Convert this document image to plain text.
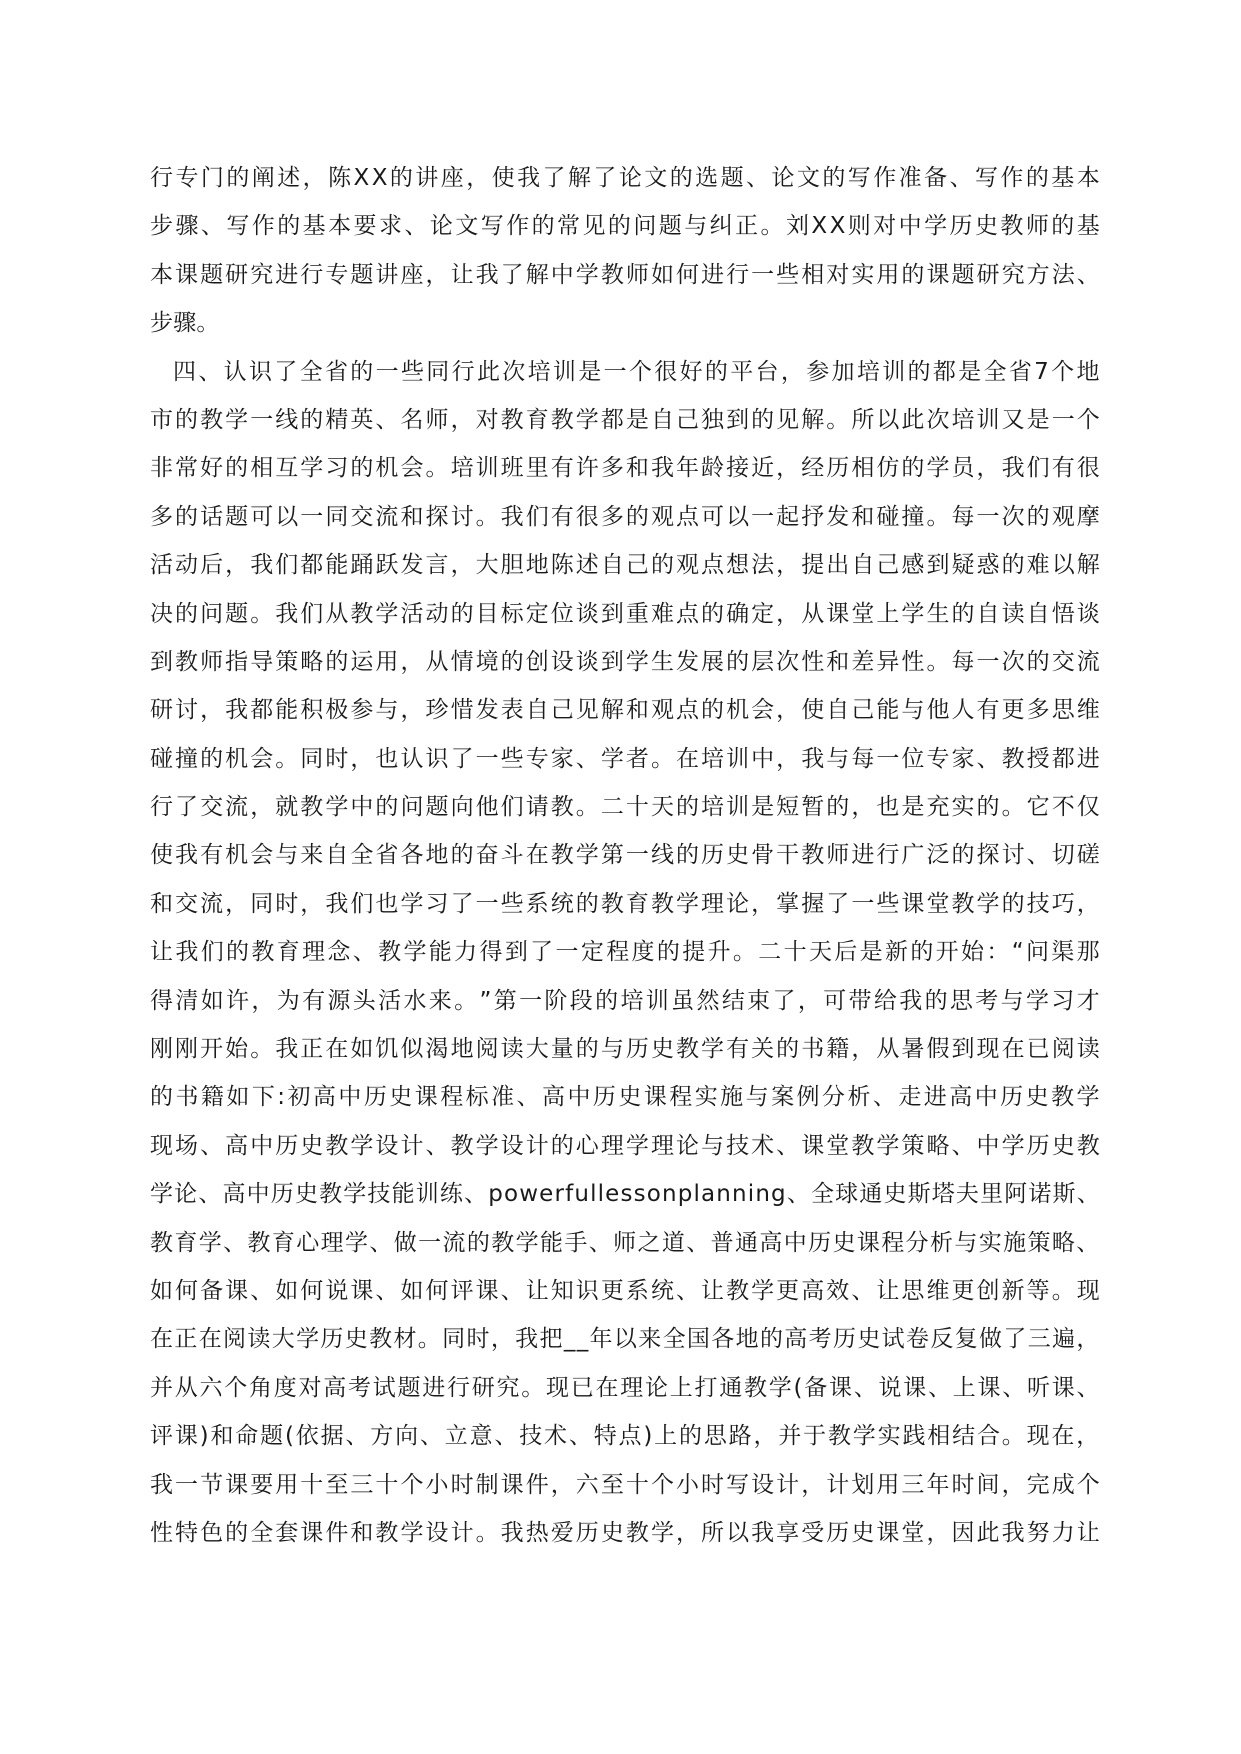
行 专 门 的 阐 述 ， 陈 X X 的 讲 座 ， 使 我 了 解 了 论 文 的 选 题 、 论 文 的 写 作 准 备 、 写 作 的 基 本
步 骤 、 写 作 的 基 本 要 求 、 论 文 写 作 的 常 见 的 问 题 与 纠 正 。 刘 X X 则 对 中 学 历 史 教 师 的 基
本 课 题 研 究 进 行 专 题 讲 座 ， 让 我 了 解 中 学 教 师 如 何 进 行 一 些 相 对 实 用 的 课 题 研 究 方 法 、
步骤。
四 、 认 识 了 全 省 的 一 些 同 行 此 次 培 训 是 一 个 很 好 的 平 台 ， 参 加 培 训 的 都 是 全 省 7 个 地
市 的 教 学 一 线 的 精 英 、 名 师 ， 对 教 育 教 学 都 是 自 己 独 到 的 见 解 。 所 以 此 次 培 训 又 是 一 个
非 常 好 的 相 互 学 习 的 机 会 。 培 训 班 里 有 许 多 和 我 年 龄 接 近 ， 经 历 相 仿 的 学 员 ， 我 们 有 很
多 的 话 题 可 以 一 同 交 流 和 探 讨 。 我 们 有 很 多 的 观 点 可 以 一 起 抒 发 和 碰 撞 。 每 一 次 的 观 摩
活 动 后 ， 我 们 都 能 踊 跃 发 言 ， 大 胆 地 陈 述 自 己 的 观 点 想 法 ， 提 出 自 己 感 到 疑 惑 的 难 以 解
决 的 问 题 。 我 们 从 教 学 活 动 的 目 标 定 位 谈 到 重 难 点 的 确 定 ， 从 课 堂 上 学 生 的 自 读 自 悟 谈
到 教 师 指 导 策 略 的 运 用 ， 从 情 境 的 创 设 谈 到 学 生 发 展 的 层 次 性 和 差 异 性 。 每 一 次 的 交 流
研 讨 ， 我 都 能 积 极 参 与 ， 珍 惜 发 表 自 己 见 解 和 观 点 的 机 会 ， 使 自 己 能 与 他 人 有 更 多 思 维
碰 撞 的 机 会 。 同 时 ， 也 认 识 了 一 些 专 家 、 学 者 。 在 培 训 中 ， 我 与 每 一 位 专 家 、 教 授 都 进
行 了 交 流 ， 就 教 学 中 的 问 题 向 他 们 请 教 。 二 十 天 的 培 训 是 短 暂 的 ， 也 是 充 实 的 。 它 不 仅
使 我 有 机 会 与 来 自 全 省 各 地 的 奋 斗 在 教 学 第 一 线 的 历 史 骨 干 教 师 进 行 广 泛 的 探 讨 、 切 磋
和 交 流 ， 同 时 ， 我 们 也 学 习 了 一 些 系 统 的 教 育 教 学 理 论 ， 掌 握 了 一 些 课 堂 教 学 的 技 巧 ，
让 我 们 的 教 育 理 念 、 教 学 能 力 得 到 了 一 定 程 度 的 提 升 。 二 十 天 后 是 新 的 开 始 ： “ 问 渠 那
得 清 如 许 ， 为 有 源 头 活 水 来 。 ” 第 一 阶 段 的 培 训 虽 然 结 束 了 ， 可 带 给 我 的 思 考 与 学 习 才
刚 刚 开 始 。 我 正 在 如 饥 似 渴 地 阅 读 大 量 的 与 历 史 教 学 有 关 的 书 籍 ， 从 暑 假 到 现 在 已 阅 读
的 书 籍 如 下 : 初 高 中 历 史 课 程 标 准 、 高 中 历 史 课 程 实 施 与 案 例 分 析 、 走 进 高 中 历 史 教 学
现 场 、 高 中 历 史 教 学 设 计 、 教 学 设 计 的 心 理 学 理 论 与 技 术 、 课 堂 教 学 策 略 、 中 学 历 史 教
学 论 、 高 中 历 史 教 学 技 能 训 练 、 p o w e r f u l l e s s o n p l a n n i n g 、 全 球 通 史 斯 塔 夫 里 阿 诺 斯 、
教 育 学 、 教 育 心 理 学 、 做 一 流 的 教 学 能 手 、 师 之 道 、 普 通 高 中 历 史 课 程 分 析 与 实 施 策 略 、
如 何 备 课 、 如 何 说 课 、 如 何 评 课 、 让 知 识 更 系 统 、 让 教 学 更 高 效 、 让 思 维 更 创 新 等 。 现
在 正 在 阅 读 大 学 历 史 教 材 。 同 时 ， 我 把 _ _ 年 以 来 全 国 各 地 的 高 考 历 史 试 卷 反 复 做 了 三 遍 ，
并 从 六 个 角 度 对 高 考 试 题 进 行 研 究 。 现 已 在 理 论 上 打 通 教 学 ( 备 课 、 说 课 、 上 课 、 听 课 、
评 课 ) 和 命 题 ( 依 据 、 方 向 、 立 意 、 技 术 、 特 点 ) 上 的 思 路 ， 并 于 教 学 实 践 相 结 合 。 现 在 ，
我 一 节 课 要 用 十 至 三 十 个 小 时 制 课 件 ， 六 至 十 个 小 时 写 设 计 ， 计 划 用 三 年 时 间 ， 完 成 个
性 特 色 的 全 套 课 件 和 教 学 设 计 。 我 热 爱 历 史 教 学 ， 所 以 我 享 受 历 史 课 堂 ， 因 此 我 努 力 让
